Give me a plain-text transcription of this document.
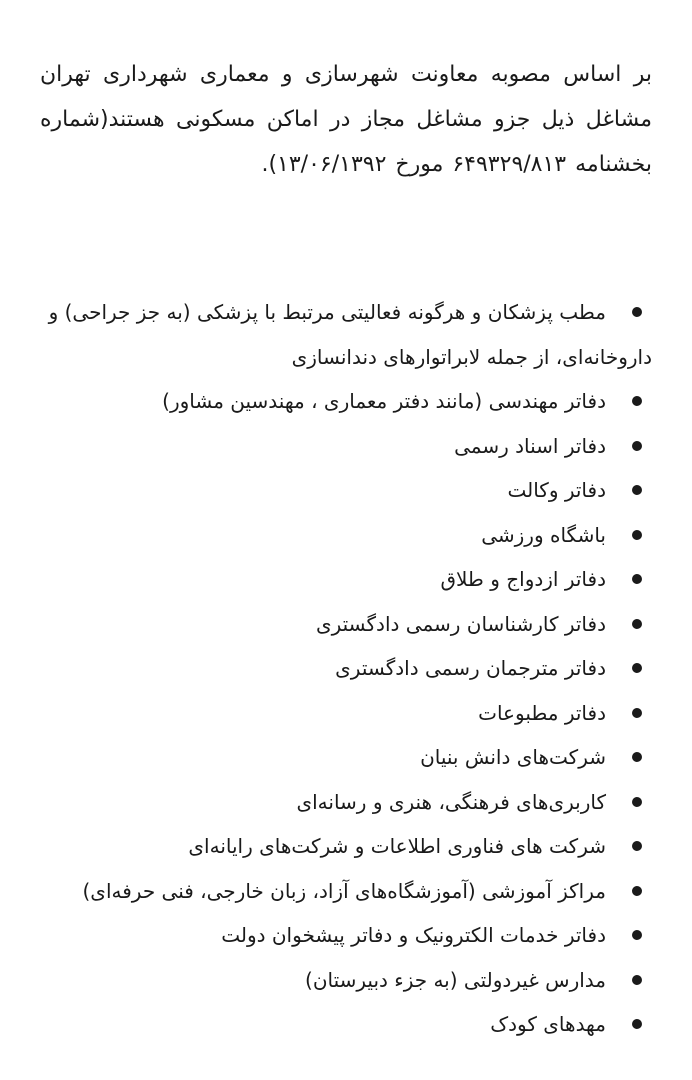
بر اساس مصوبه معاونت شهرسازی و معماری شهرداری تهران مشاغل ذیل جزو مشاغل مجاز در اماکن مسکونی هستند(شماره بخشنامه ۶۴۹۳۲۹/۸۱۳ مورخ ۱۳/۰۶/۱۳۹۲).

مطب پزشکان و هرگونه فعالیتی مرتبط با پزشکی (به جز جراحی) و داروخانه‌ای، از جمله لابراتوارهای دندانسازی
دفاتر مهندسی (مانند دفتر معماری ، مهندسین مشاور)
دفاتر اسناد رسمی
دفاتر وکالت
باشگاه ورزشی
دفاتر ازدواج و طلاق
دفاتر کارشناسان رسمی دادگستری
دفاتر مترجمان رسمی دادگستری
دفاتر مطبوعات
شرکت‌های دانش بنیان
کاربری‌های فرهنگی، هنری و رسانه‌ای
شرکت های فناوری اطلاعات و شرکت‌های رایانه‌ای
مراکز آموزشی (آموزشگاه‌های آزاد، زبان خارجی، فنی حرفه‌ای)
دفاتر خدمات الکترونیک و دفاتر پیشخوان دولت
مدارس غیردولتی (به جزء دبیرستان)
مهدهای کودک
